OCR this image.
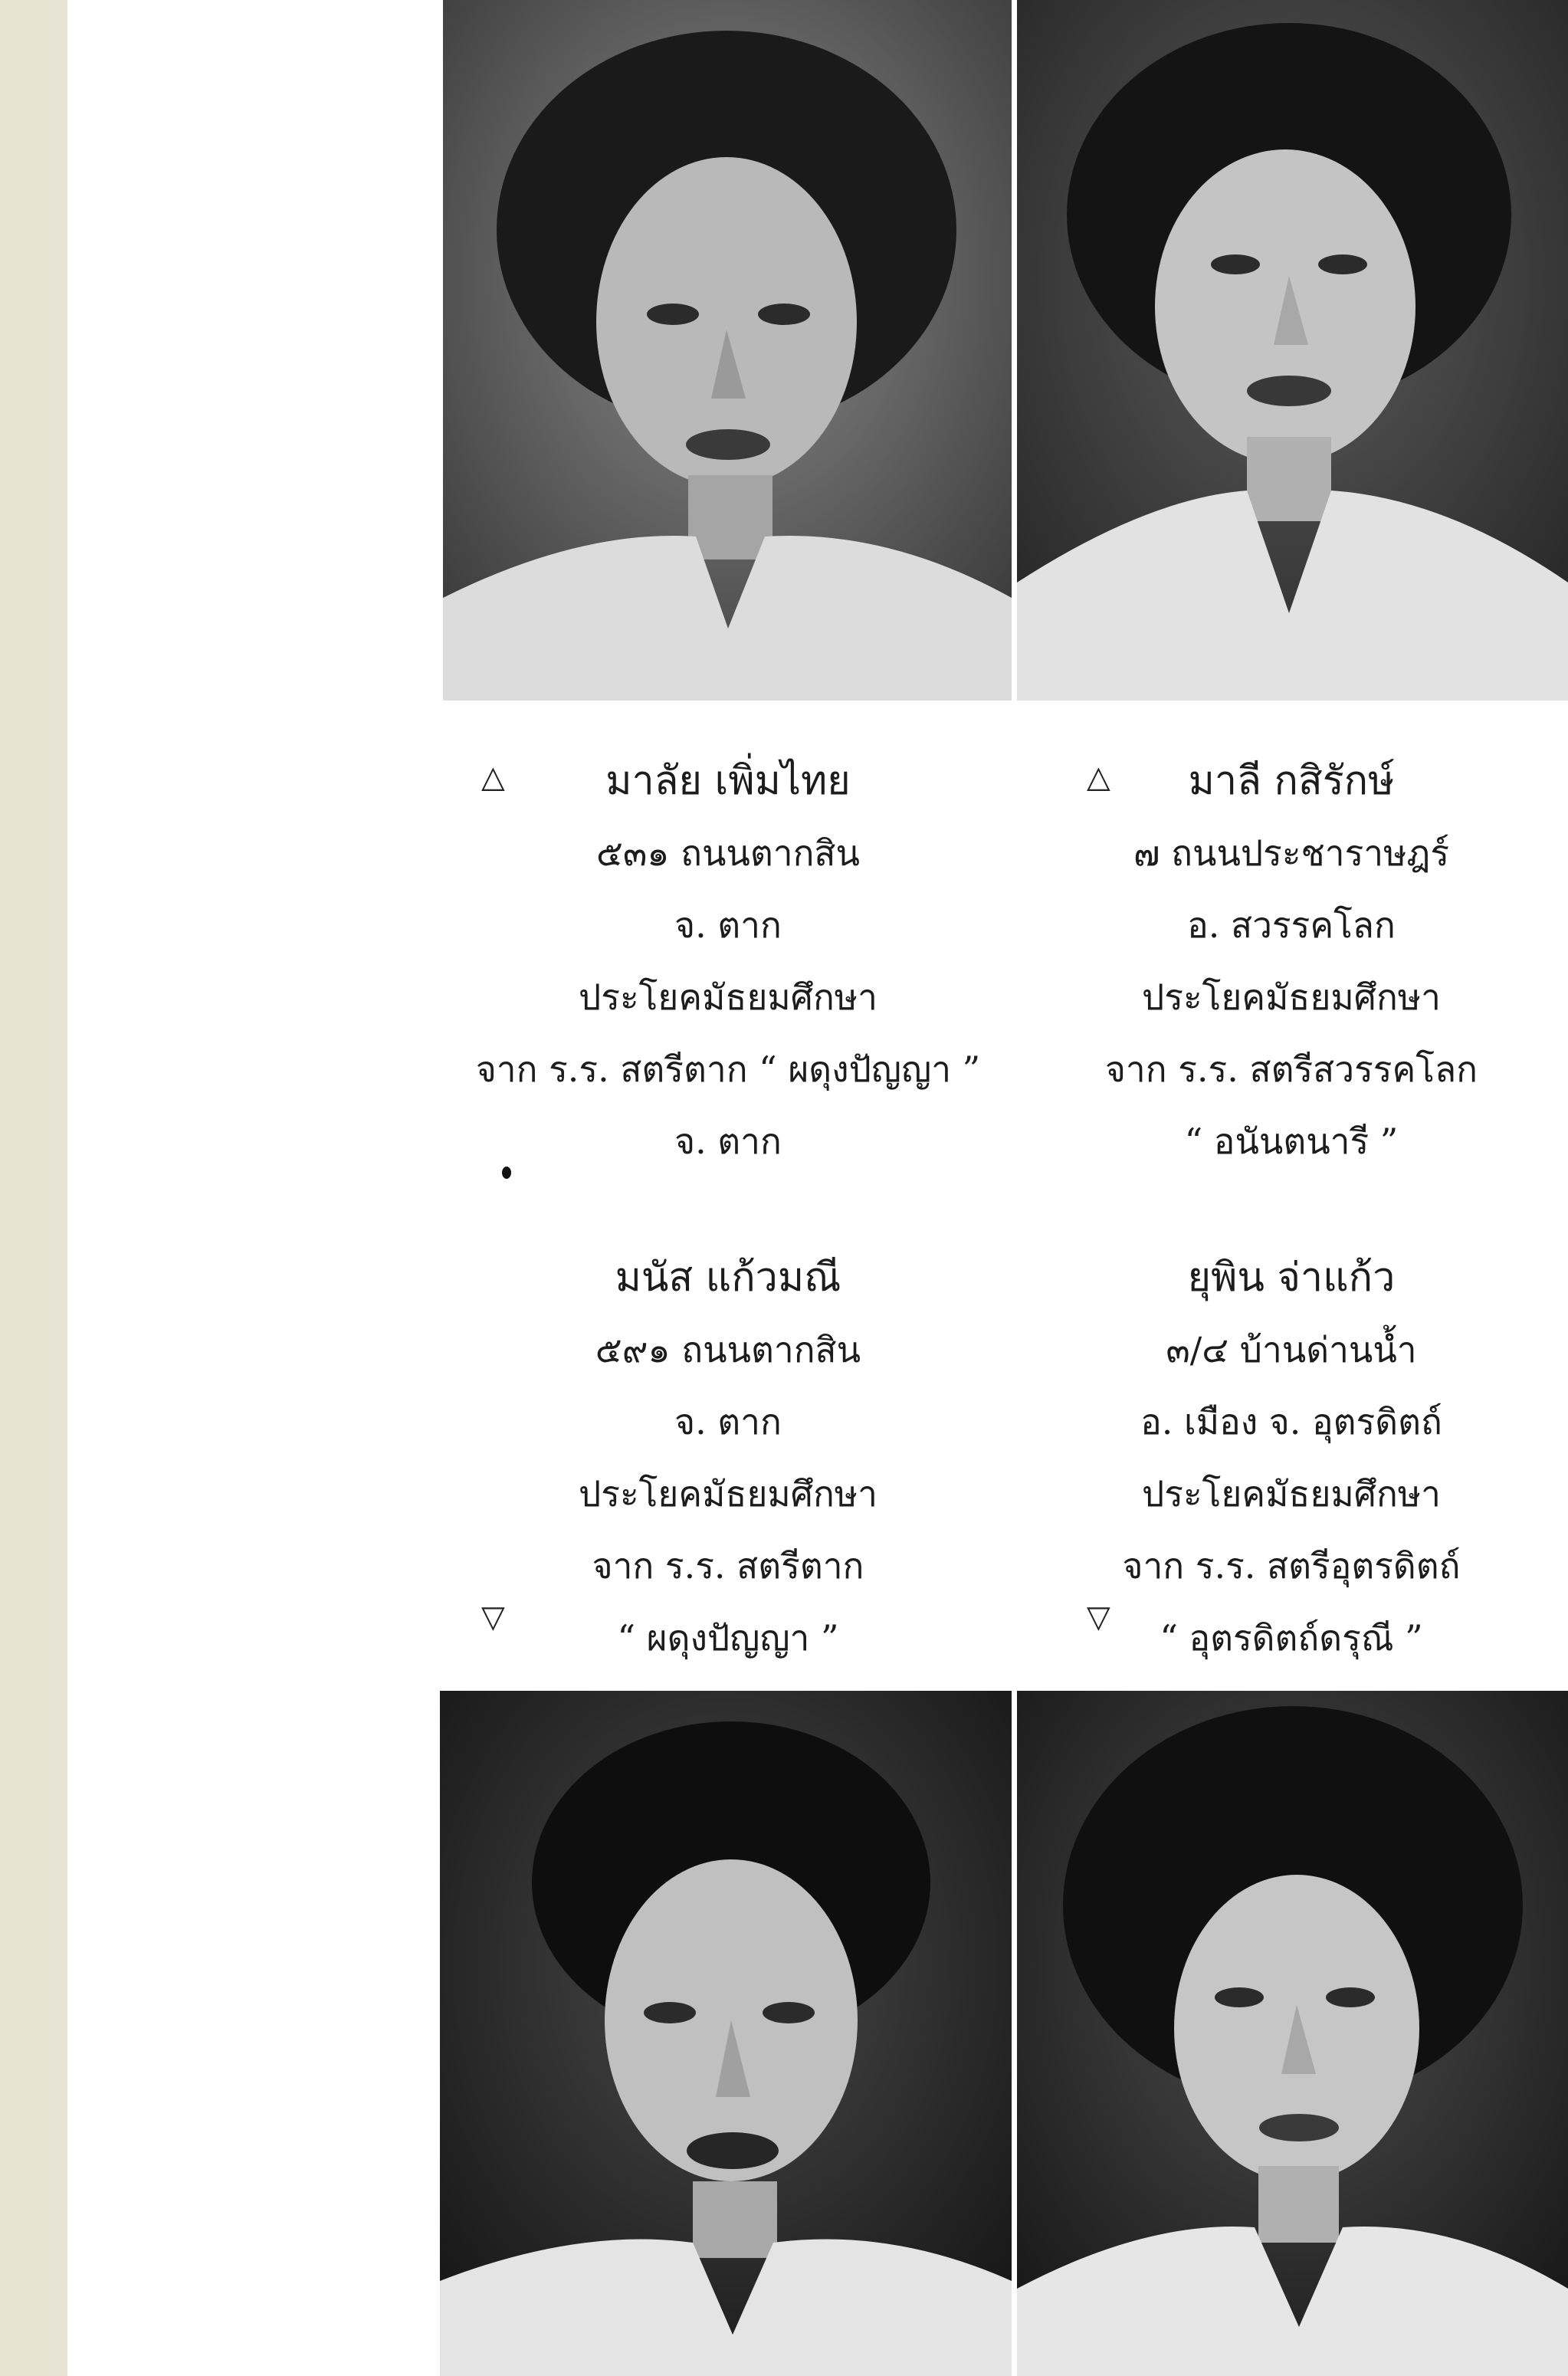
△	△
▽	▽
มาลัย เพิ่มไทย
๕๓๑ ถนนตากสิน
จ. ตาก
ประโยคมัธยมศึกษา
จาก ร.ร. สตรีตาก “ ผดุงปัญญา ”
จ. ตาก
มาลี กสิรักษ์
๗ ถนนประชาราษฎร์
อ. สวรรคโลก
ประโยคมัธยมศึกษา
จาก ร.ร. สตรีสวรรคโลก
“ อนันตนารี ”
มนัส แก้วมณี
๕๙๑ ถนนตากสิน
จ. ตาก
ประโยคมัธยมศึกษา
จาก ร.ร. สตรีตาก
“ ผดุงปัญญา ”
ยุพิน จ่าแก้ว
๓/๔ บ้านด่านน้ำ
อ. เมือง จ. อุตรดิตถ์
ประโยคมัธยมศึกษา
จาก ร.ร. สตรีอุตรดิตถ์
“ อุตรดิตถ์ดรุณี ”
